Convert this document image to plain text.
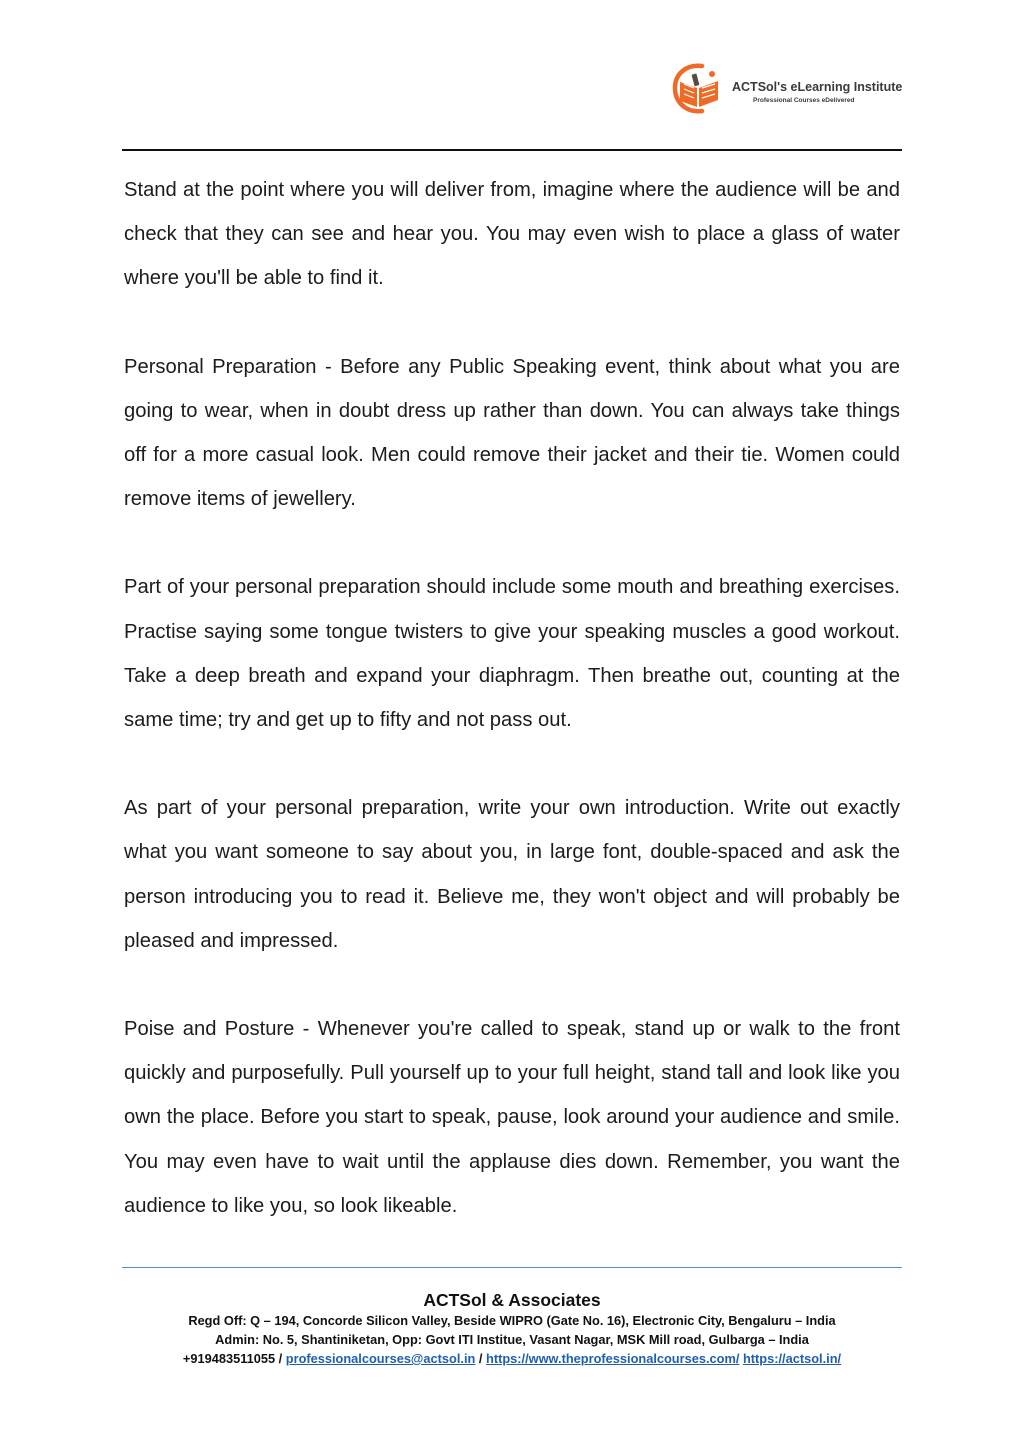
ACTSol's eLearning Institute
Professional Courses eDelivered

Stand at the point where you will deliver from, imagine where the audience will be and check that they can see and hear you. You may even wish to place a glass of water where you'll be able to find it.

Personal Preparation - Before any Public Speaking event, think about what you are going to wear, when in doubt dress up rather than down. You can always take things off for a more casual look. Men could remove their jacket and their tie. Women could remove items of jewellery.

Part of your personal preparation should include some mouth and breathing exercises. Practise saying some tongue twisters to give your speaking muscles a good workout. Take a deep breath and expand your diaphragm. Then breathe out, counting at the same time; try and get up to fifty and not pass out.

As part of your personal preparation, write your own introduction. Write out exactly what you want someone to say about you, in large font, double-spaced and ask the person introducing you to read it. Believe me, they won't object and will probably be pleased and impressed.

Poise and Posture - Whenever you're called to speak, stand up or walk to the front quickly and purposefully. Pull yourself up to your full height, stand tall and look like you own the place. Before you start to speak, pause, look around your audience and smile. You may even have to wait until the applause dies down. Remember, you want the audience to like you, so look likeable.

ACTSol & Associates
Regd Off: Q – 194, Concorde Silicon Valley, Beside WIPRO (Gate No. 16), Electronic City, Bengaluru – India
Admin: No. 5, Shantiniketan, Opp: Govt ITI Institue, Vasant Nagar, MSK Mill road, Gulbarga – India
+919483511055 / professionalcourses@actsol.in / https://www.theprofessionalcourses.com/ https://actsol.in/
